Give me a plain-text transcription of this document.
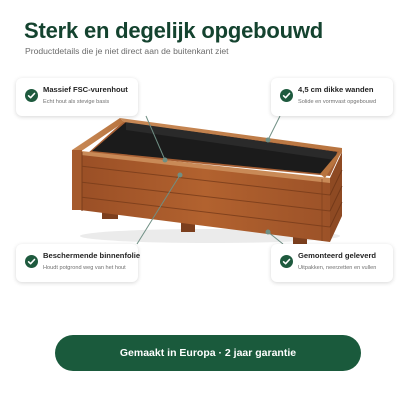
Sterk en degelijk opgebouwd

Productdetails die je niet direct aan de buitenkant ziet

Massief FSC-vurenhout
Echt hout als stevige basis
4,5 cm dikke wanden
Solide en vormvast opgebouwd
Beschermende binnenfolie
Houdt potgrond weg van het hout
Gemonteerd geleverd
Uitpakken, neerzetten en vullen
Gemaakt in Europa · 2 jaar garantie
